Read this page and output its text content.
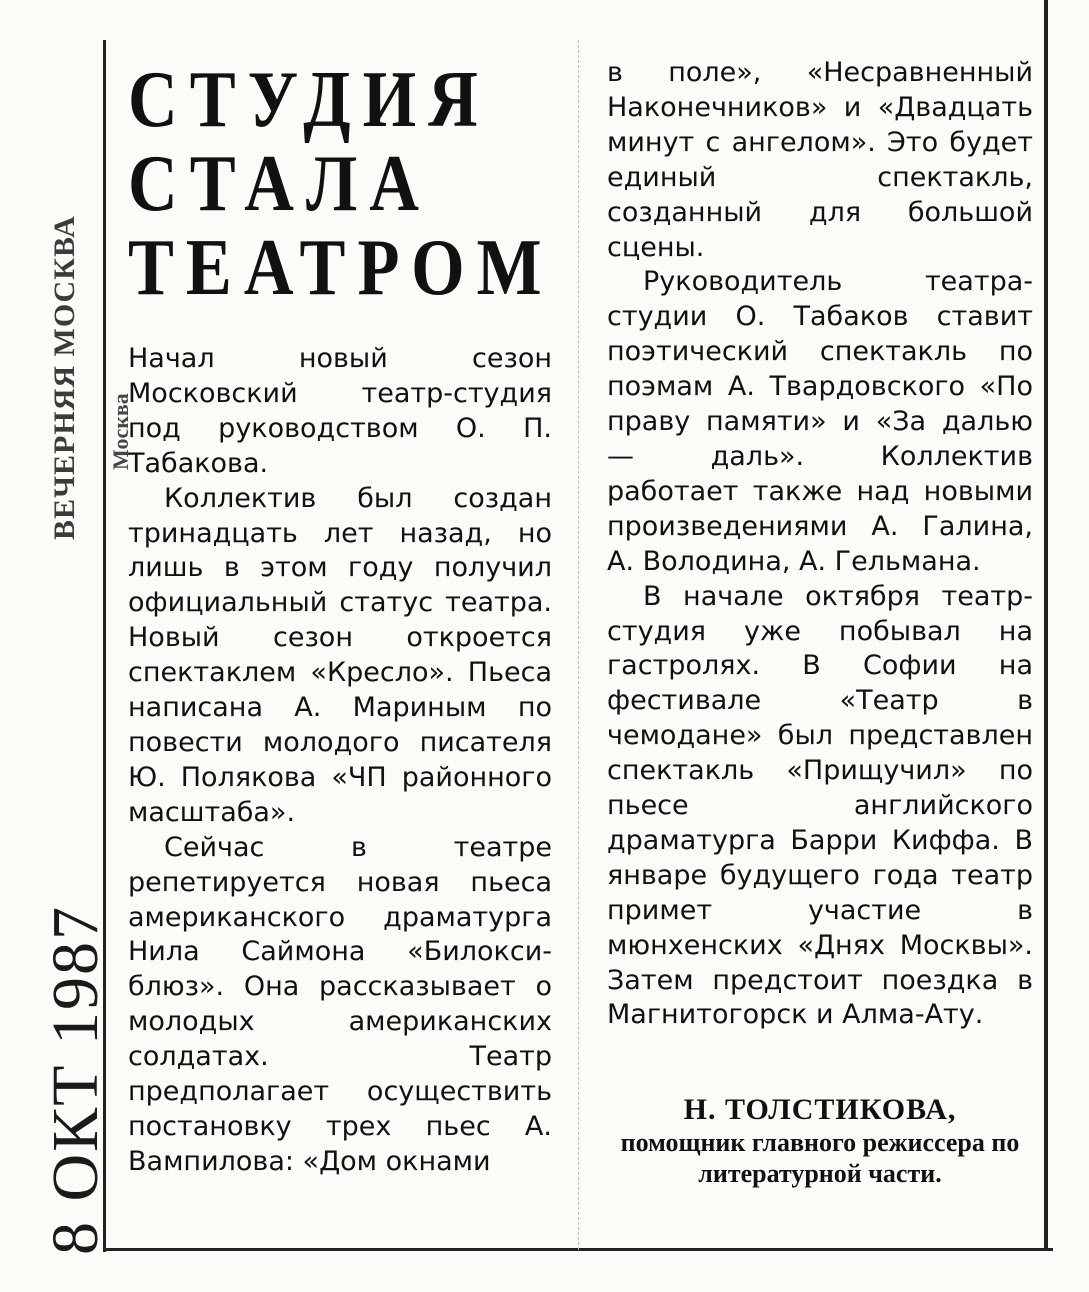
ВЕЧЕРНЯЯ МОСКВА Москва
8 ОКТ 1987
СТУДИЯ
СТАЛА
ТЕАТРОМ

Начал новый сезон Московский театр-студия под руководством О. П. Табакова.

Коллектив был создан тринадцать лет назад, но лишь в этом году получил официальный статус театра. Новый сезон откроется спектаклем «Кресло». Пьеса написана А. Мариным по повести молодого писателя Ю. Полякова «ЧП районного масштаба».

Сейчас в театре репетируется новая пьеса американского драматурга Нила Саймона «Билокси-блюз». Она рассказывает о молодых американских солдатах. Театр предполагает осуществить постановку трех пьес А. Вампилова: «Дом окнами

в поле», «Несравненный Наконечников» и «Двадцать минут с ангелом». Это будет единый спектакль, созданный для большой сцены.

Руководитель театра-студии О. Табаков ставит поэтический спектакль по поэмам А. Твардовского «По праву памяти» и «За далью — даль». Коллектив работает также над новыми произведениями А. Галина, А. Володина, А. Гельмана.

В начале октября театр-студия уже побывал на гастролях. В Софии на фестивале «Театр в чемодане» был представлен спектакль «Прищучил» по пьесе английского драматурга Барри Киффа. В январе будущего года театр примет участие в мюнхенских «Днях Москвы». Затем предстоит поездка в Магнитогорск и Алма-Ату.

Н. ТОЛСТИКОВА,
помощник главного режиссера по литературной части.
